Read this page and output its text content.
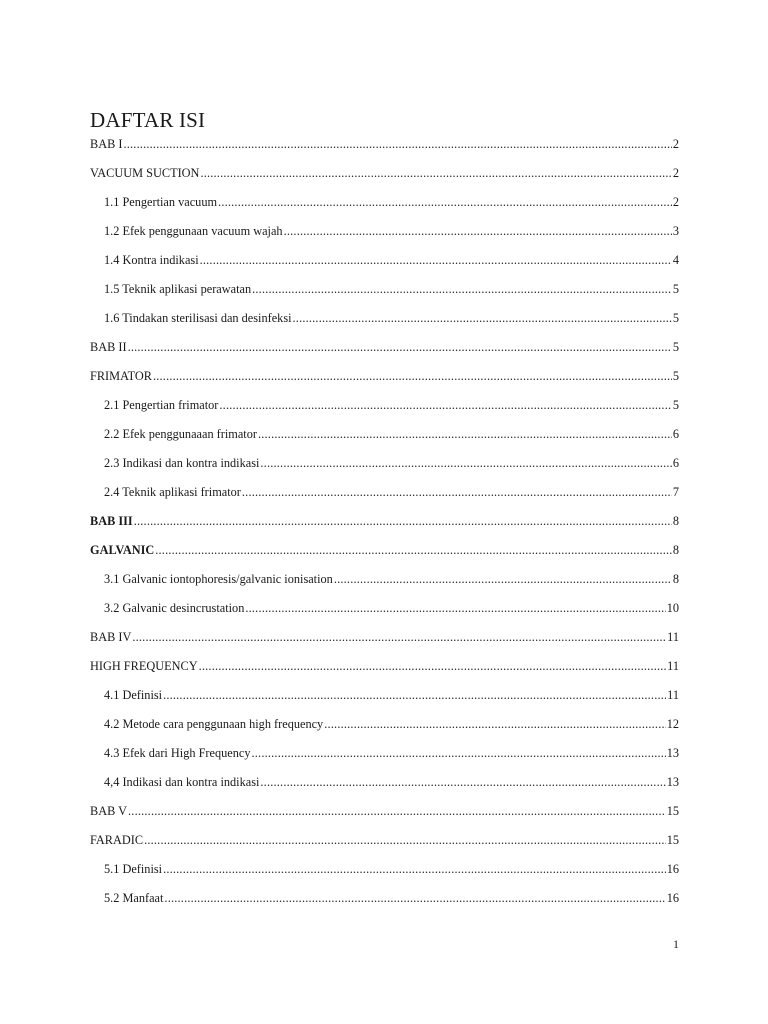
DAFTAR ISI
BAB I .....	2
VACUUM SUCTION .....	2
1.1 Pengertian vacuum .....	2
1.2 Efek penggunaan vacuum wajah .....	3
1.4 Kontra indikasi .....	4
1.5 Teknik aplikasi perawatan .....	5
1.6 Tindakan sterilisasi dan desinfeksi .....	5
BAB II .....	5
FRIMATOR .....	5
2.1 Pengertian frimator .....	5
2.2 Efek penggunaaan frimator .....	6
2.3 Indikasi dan kontra indikasi .....	6
2.4 Teknik aplikasi frimator .....	7
BAB III .....	8
GALVANIC .....	8
3.1 Galvanic iontophoresis/galvanic ionisation .....	8
3.2 Galvanic desincrustation .....	10
BAB IV .....	11
HIGH FREQUENCY .....	11
4.1 Definisi .....	11
4.2 Metode cara penggunaan high frequency .....	12
4.3 Efek dari High Frequency .....	13
4,4 Indikasi dan kontra indikasi .....	13
BAB V .....	15
FARADIC .....	15
5.1 Definisi .....	16
5.2 Manfaat .....	16
1
